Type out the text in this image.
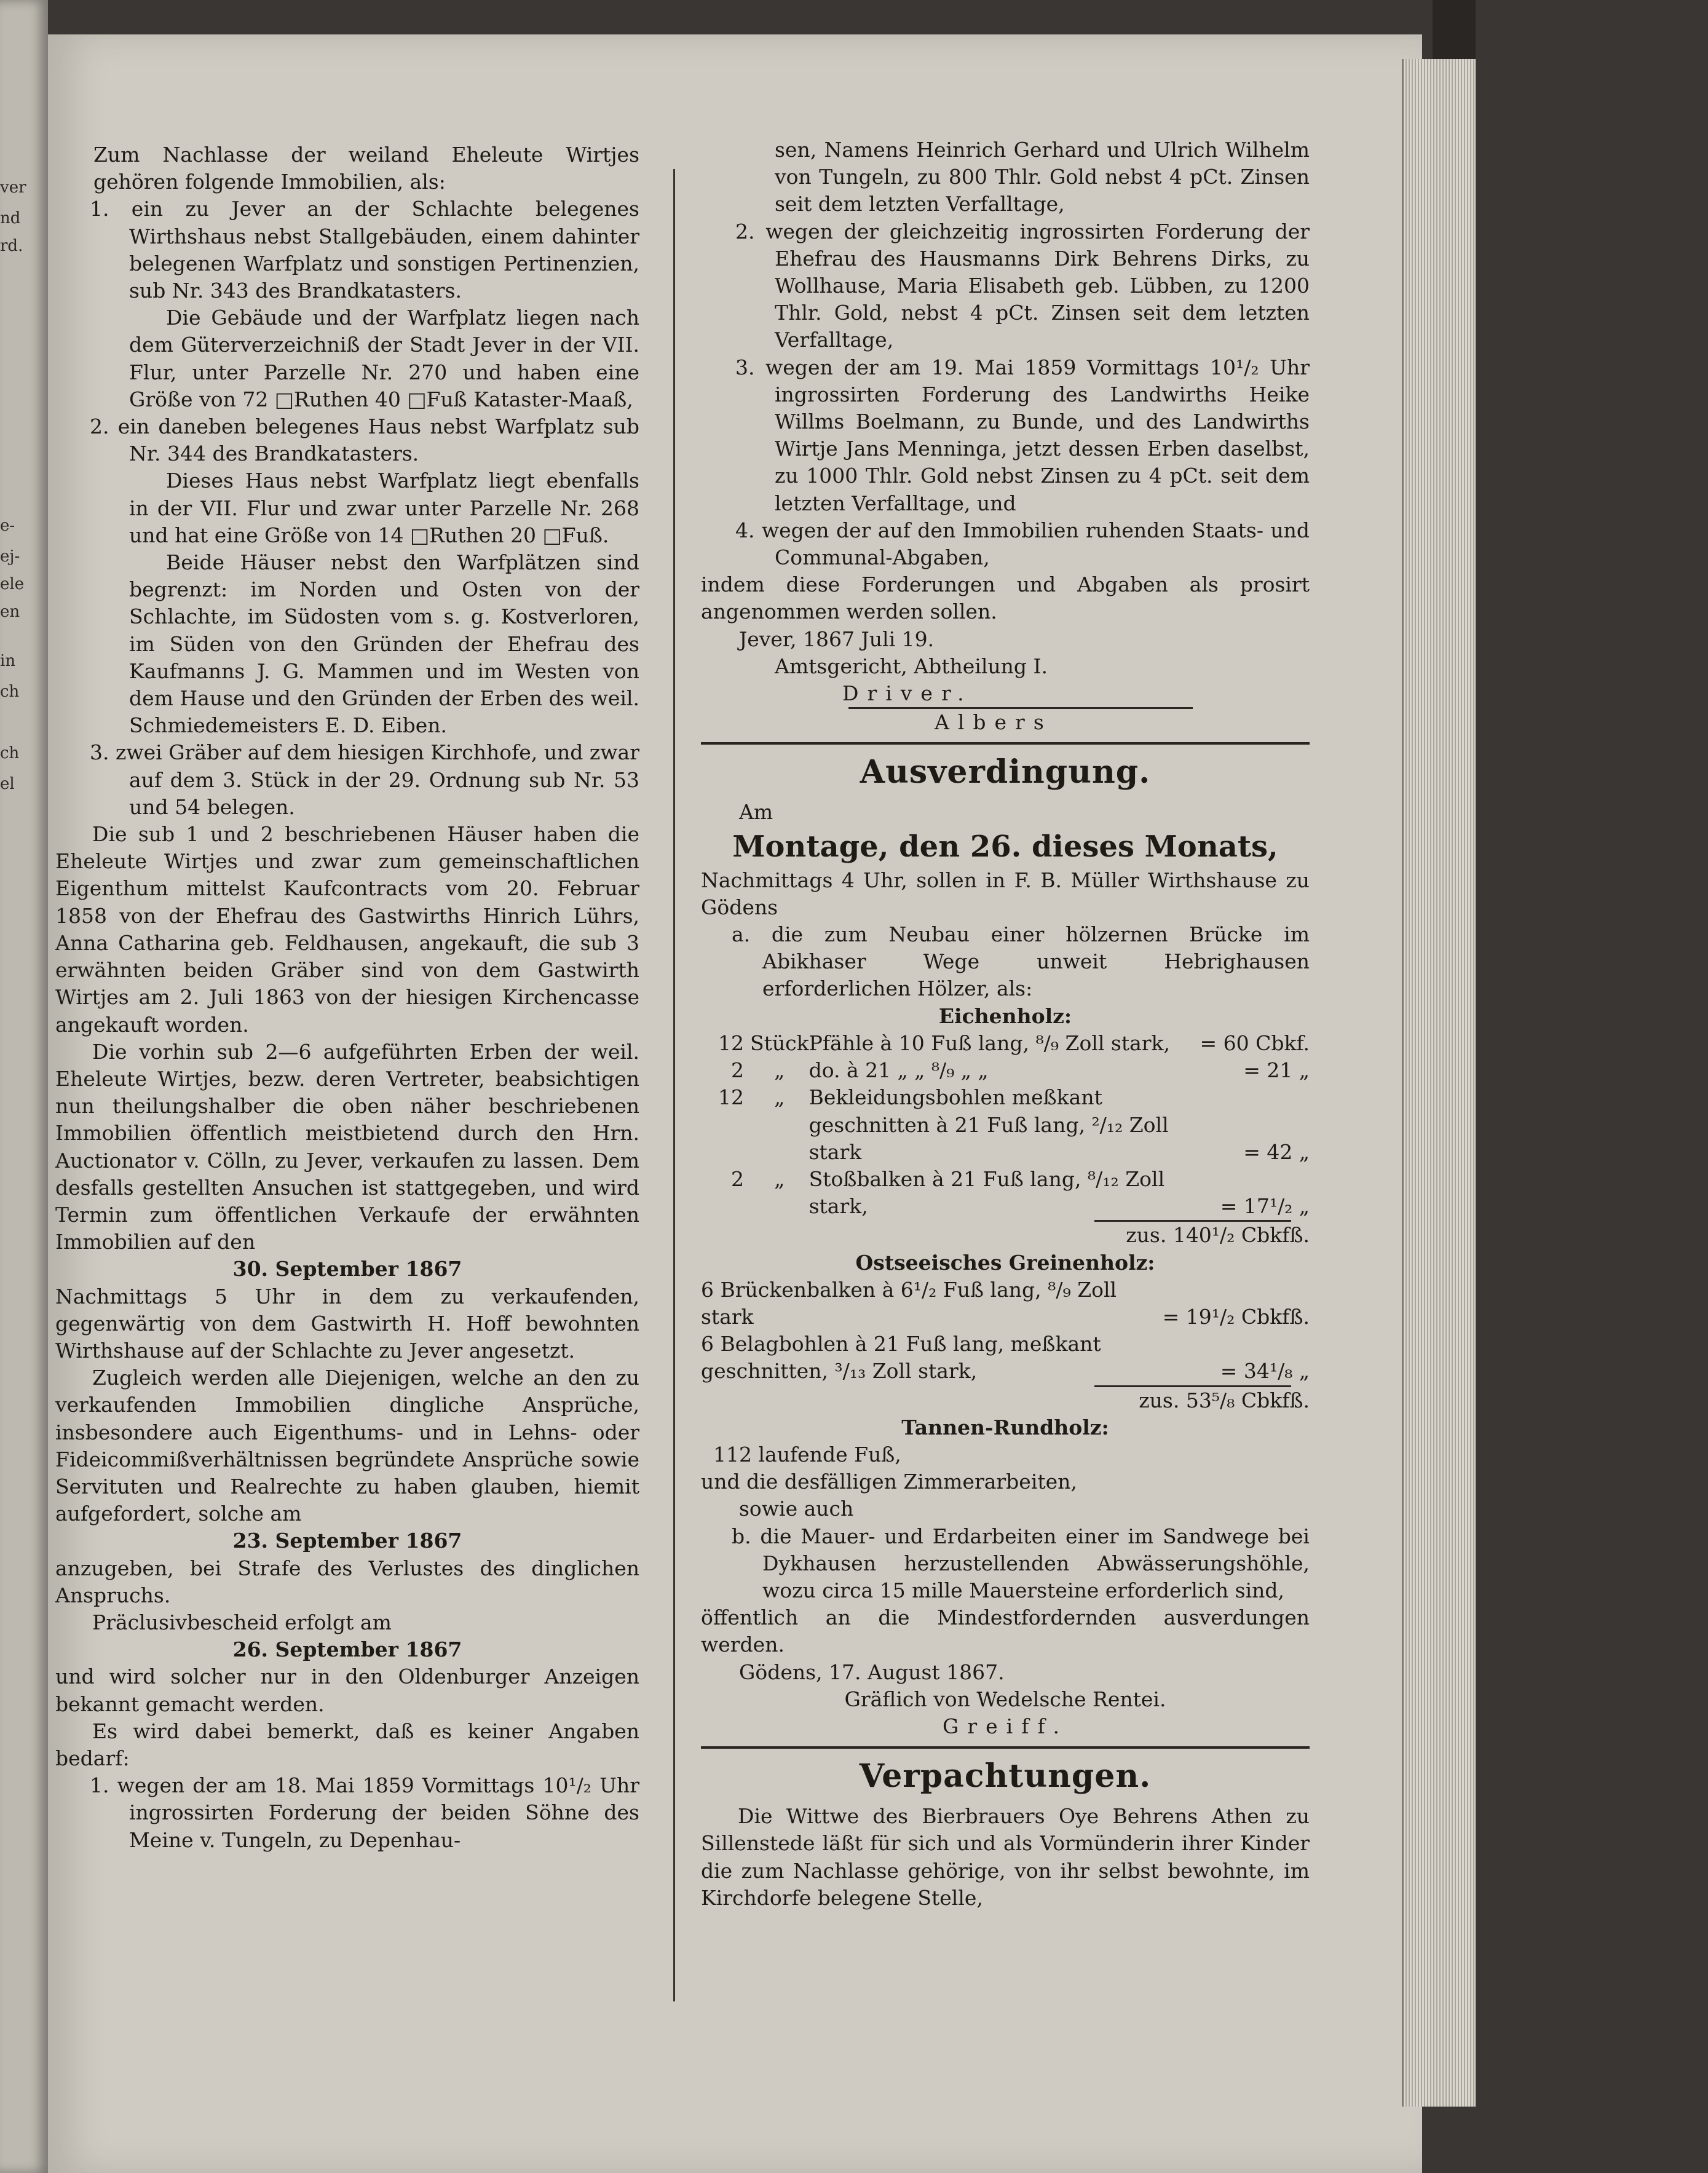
ver
nd
rd.
e-
ej-
ele
en
in
ch
ch
el

Zum Nachlasse der weiland Eheleute Wirtjes gehören folgende Immobilien, als:

1. ein zu Jever an der Schlachte belegenes Wirthshaus nebst Stallgebäuden, einem dahinter belegenen Warfplatz und sonstigen Pertinenzien, sub Nr. 343 des Brandkatasters.

Die Gebäude und der Warfplatz liegen nach dem Güterverzeichniß der Stadt Jever in der VII. Flur, unter Parzelle Nr. 270 und haben eine Größe von 72 □Ruthen 40 □Fuß Kataster-Maaß,

2. ein daneben belegenes Haus nebst Warfplatz sub Nr. 344 des Brandkatasters.

Dieses Haus nebst Warfplatz liegt ebenfalls in der VII. Flur und zwar unter Parzelle Nr. 268 und hat eine Größe von 14 □Ruthen 20 □Fuß.

Beide Häuser nebst den Warfplätzen sind begrenzt: im Norden und Osten von der Schlachte, im Südosten vom s. g. Kostverloren, im Süden von den Gründen der Ehefrau des Kaufmanns J. G. Mammen und im Westen von dem Hause und den Gründen der Erben des weil. Schmiedemeisters E. D. Eiben.

3. zwei Gräber auf dem hiesigen Kirchhofe, und zwar auf dem 3. Stück in der 29. Ordnung sub Nr. 53 und 54 belegen.

Die sub 1 und 2 beschriebenen Häuser haben die Eheleute Wirtjes und zwar zum gemeinschaftlichen Eigenthum mittelst Kaufcontracts vom 20. Februar 1858 von der Ehefrau des Gastwirths Hinrich Lührs, Anna Catharina geb. Feldhausen, angekauft, die sub 3 erwähnten beiden Gräber sind von dem Gastwirth Wirtjes am 2. Juli 1863 von der hiesigen Kirchencasse angekauft worden.

Die vorhin sub 2—6 aufgeführten Erben der weil. Eheleute Wirtjes, bezw. deren Vertreter, beabsichtigen nun theilungshalber die oben näher beschriebenen Immobilien öffentlich meistbietend durch den Hrn. Auctionator v. Cölln, zu Jever, verkaufen zu lassen. Dem desfalls gestellten Ansuchen ist stattgegeben, und wird Termin zum öffentlichen Verkaufe der erwähnten Immobilien auf den

30. September 1867

Nachmittags 5 Uhr in dem zu verkaufenden, gegenwärtig von dem Gastwirth H. Hoff bewohnten Wirthshause auf der Schlachte zu Jever angesetzt.

Zugleich werden alle Diejenigen, welche an den zu verkaufenden Immobilien dingliche Ansprüche, insbesondere auch Eigenthums- und in Lehns- oder Fideicommißverhältnissen begründete Ansprüche sowie Servituten und Realrechte zu haben glauben, hiemit aufgefordert, solche am

23. September 1867

anzugeben, bei Strafe des Verlustes des dinglichen Anspruchs.

Präclusivbescheid erfolgt am

26. September 1867

und wird solcher nur in den Oldenburger Anzeigen bekannt gemacht werden.

Es wird dabei bemerkt, daß es keiner Angaben bedarf:

1. wegen der am 18. Mai 1859 Vormittags 10¹/₂ Uhr ingrossirten Forderung der beiden Söhne des Meine v. Tungeln, zu Depenhau-

sen, Namens Heinrich Gerhard und Ulrich Wilhelm von Tungeln, zu 800 Thlr. Gold nebst 4 pCt. Zinsen seit dem letzten Verfalltage,

2. wegen der gleichzeitig ingrossirten Forderung der Ehefrau des Hausmanns Dirk Behrens Dirks, zu Wollhause, Maria Elisabeth geb. Lübben, zu 1200 Thlr. Gold, nebst 4 pCt. Zinsen seit dem letzten Verfalltage,

3. wegen der am 19. Mai 1859 Vormittags 10¹/₂ Uhr ingrossirten Forderung des Landwirths Heike Willms Boelmann, zu Bunde, und des Landwirths Wirtje Jans Menninga, jetzt dessen Erben daselbst, zu 1000 Thlr. Gold nebst Zinsen zu 4 pCt. seit dem letzten Verfalltage, und

4. wegen der auf den Immobilien ruhenden Staats- und Communal-Abgaben,

indem diese Forderungen und Abgaben als prosirt angenommen werden sollen.

Jever, 1867 Juli 19.

Amtsgericht, Abtheilung I.

Driver.

Albers

Ausverdingung.

Am

Montage, den 26. dieses Monats,

Nachmittags 4 Uhr, sollen in F. B. Müller Wirthshause zu Gödens

a. die zum Neubau einer hölzernen Brücke im Abikhaser Wege unweit Hebrighausen erforderlichen Hölzer, als:

Eichenholz:

12	Stück	Pfähle à 10 Fuß lang, ⁸/₉ Zoll stark,	= 60 Cbkf.
2	„	do. à 21 „ „ ⁸/₉ „ „	= 21 „
12	„	Bekleidungsbohlen meßkant geschnitten à 21 Fuß lang, ²/₁₂ Zoll stark	= 42 „
2	„	Stoßbalken à 21 Fuß lang, ⁸/₁₂ Zoll stark,	= 17¹/₂ „

zus. 140¹/₂ Cbkfß.

Ostseeisches Greinenholz:

6 Brückenbalken à 6¹/₂ Fuß lang, ⁸/₉ Zoll stark	= 19¹/₂ Cbkfß.
6 Belagbohlen à 21 Fuß lang, meßkant geschnitten, ³/₁₃ Zoll stark,	= 34¹/₈ „

zus. 53⁵/₈ Cbkfß.

Tannen-Rundholz:

112 laufende Fuß,

und die desfälligen Zimmerarbeiten,

sowie auch

b. die Mauer- und Erdarbeiten einer im Sandwege bei Dykhausen herzustellenden Abwässerungshöhle, wozu circa 15 mille Mauersteine erforderlich sind,

öffentlich an die Mindestfordernden ausverdungen werden.

Gödens, 17. August 1867.

Gräflich von Wedelsche Rentei.

Greiff.

Verpachtungen.

Die Wittwe des Bierbrauers Oye Behrens Athen zu Sillenstede läßt für sich und als Vormünderin ihrer Kinder die zum Nachlasse gehörige, von ihr selbst bewohnte, im Kirchdorfe belegene Stelle,
